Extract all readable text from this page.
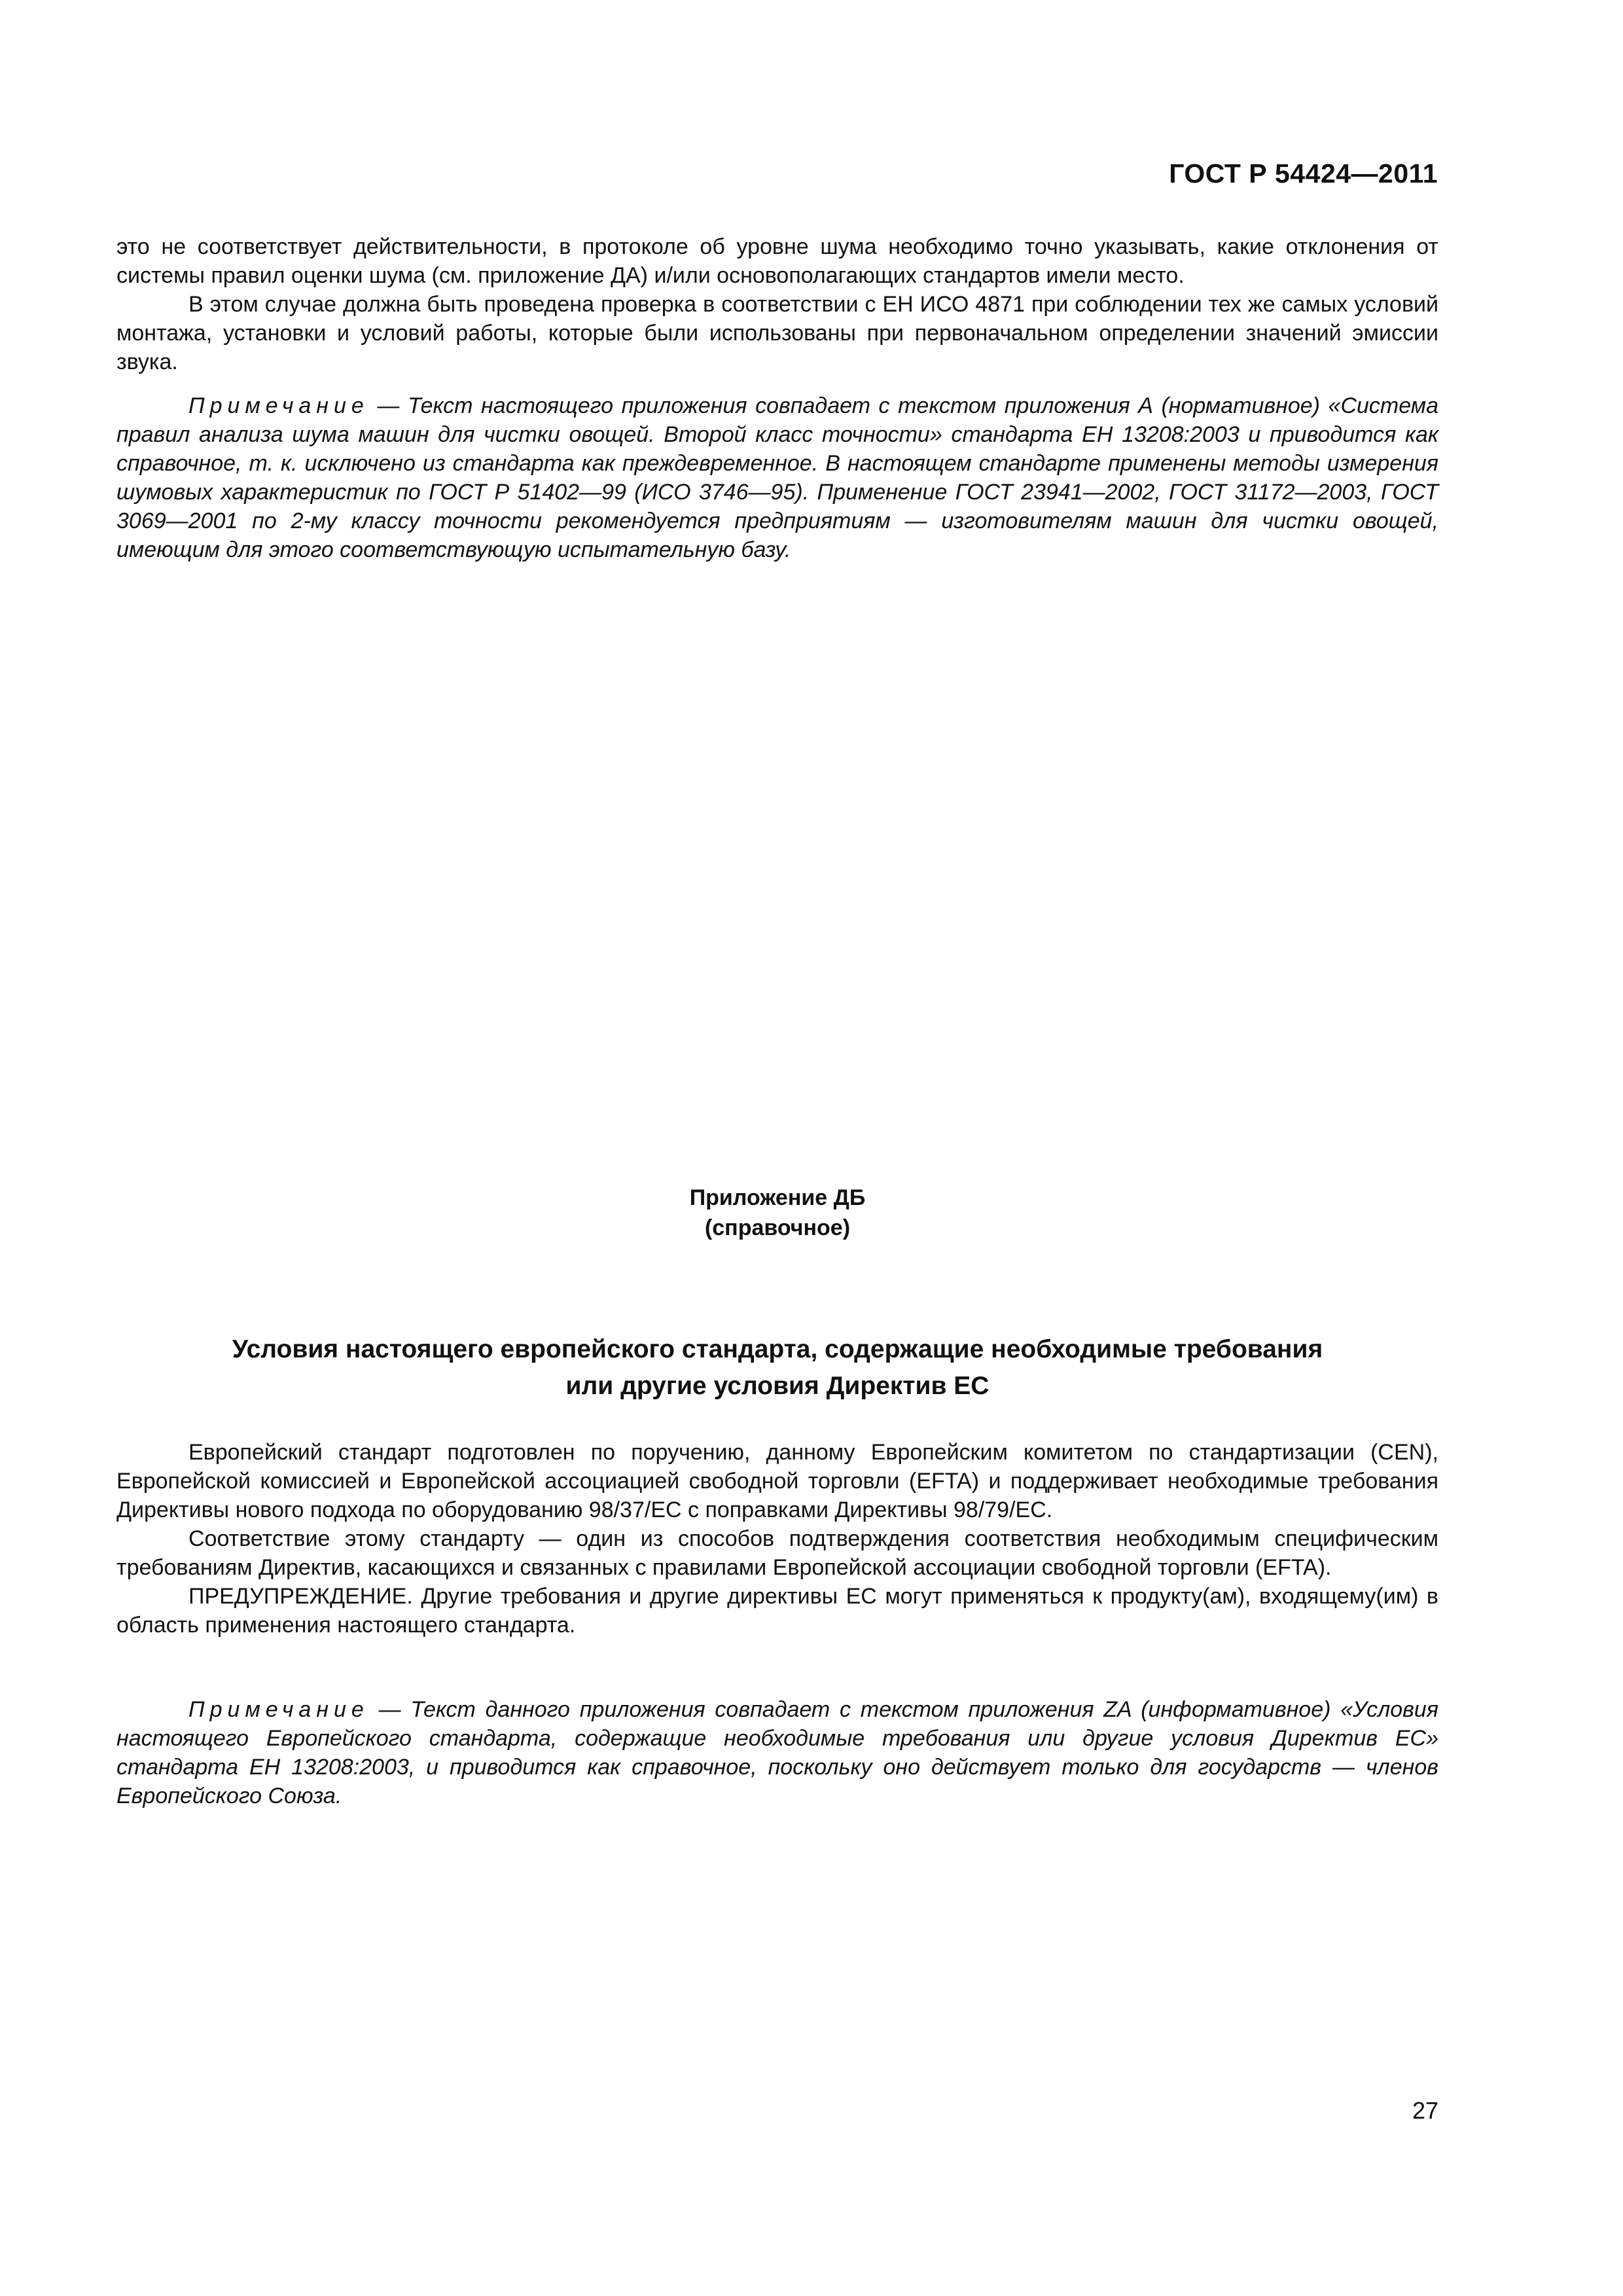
ГОСТ Р 54424—2011

это не соответствует действительности, в протоколе об уровне шума необходимо точно указывать, какие отклонения от системы правил оценки шума (см. приложение ДА) и/или основополагающих стандартов имели место.

В этом случае должна быть проведена проверка в соответствии с ЕН ИСО 4871 при соблюдении тех же самых условий монтажа, установки и условий работы, которые были использованы при первоначальном определении значений эмиссии звука.

Примечание — Текст настоящего приложения совпадает с текстом приложения А (нормативное) «Система правил анализа шума машин для чистки овощей. Второй класс точности» стандарта ЕН 13208:2003 и приводится как справочное, т. к. исключено из стандарта как преждевременное. В настоящем стандарте применены методы измерения шумовых характеристик по ГОСТ Р 51402—99 (ИСО 3746—95). Применение ГОСТ 23941—2002, ГОСТ 31172—2003, ГОСТ 3069—2001 по 2-му классу точности рекомендуется предприятиям — изготовителям машин для чистки овощей, имеющим для этого соответствующую испытательную базу.

Приложение ДБ
(справочное)
Условия настоящего европейского стандарта, содержащие необходимые требования
или другие условия Директив ЕС

Европейский стандарт подготовлен по поручению, данному Европейским комитетом по стандартизации (CEN), Европейской комиссией и Европейской ассоциацией свободной торговли (EFTA) и поддерживает необходимые требования Директивы нового подхода по оборудованию 98/37/ЕС с поправками Директивы 98/79/ЕС.

Соответствие этому стандарту — один из способов подтверждения соответствия необходимым специфическим требованиям Директив, касающихся и связанных с правилами Европейской ассоциации свободной торговли (EFTA).

ПРЕДУПРЕЖДЕНИЕ. Другие требования и другие директивы ЕС могут применяться к продукту(ам), входящему(им) в область применения настоящего стандарта.

Примечание — Текст данного приложения совпадает с текстом приложения ZA (информативное) «Условия настоящего Европейского стандарта, содержащие необходимые требования или другие условия Директив ЕС» стандарта ЕН 13208:2003, и приводится как справочное, поскольку оно действует только для государств — членов Европейского Союза.

27
